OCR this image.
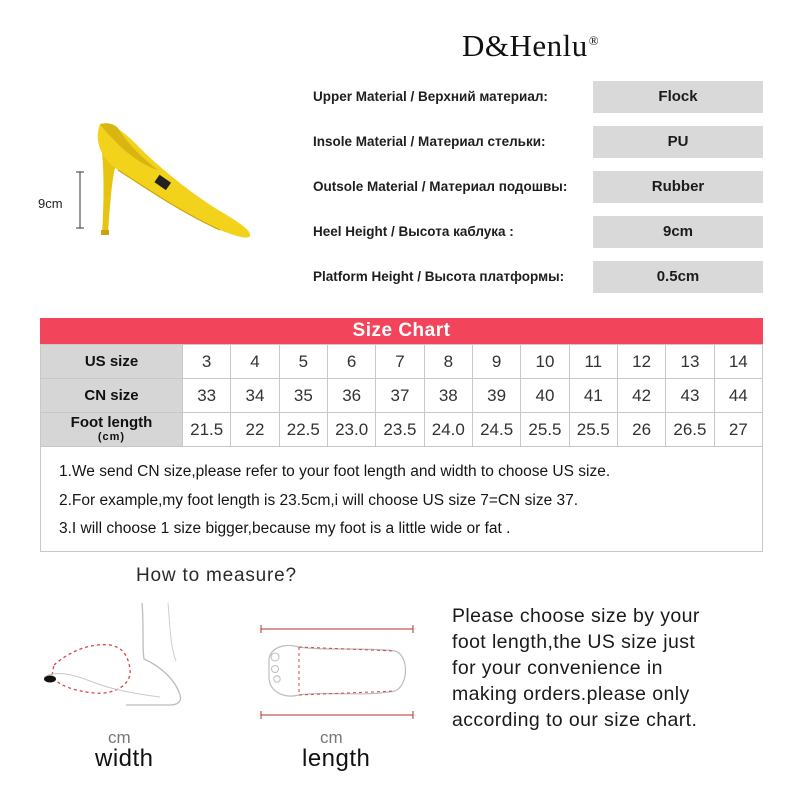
D&Henlu®
9cm
Upper Material / Верхний материал:	Flock
Insole Material / Материал стельки:	PU
Outsole Material / Материал подошвы:	Rubber
Heel Height / Высота каблука :	9cm
Platform Height / Высота платформы:	0.5cm
Size Chart
US size	3	4	5	6	7	8	9	10	11	12	13	14
CN size	33	34	35	36	37	38	39	40	41	42	43	44
Foot length
(cm)	21.5	22	22.5	23.0	23.5	24.0	24.5	25.5	25.5	26	26.5	27

1.We send CN size,please refer to your foot length and width to choose US size.

2.For example,my foot length is 23.5cm,i will choose US size 7=CN size 37.

3.I will choose 1 size bigger,because my foot is a little wide or fat .

How to measure?
cm
width
cm
length
Please choose size by your
foot length,the US size just
for your convenience in
making orders.please only
according to our size chart.
